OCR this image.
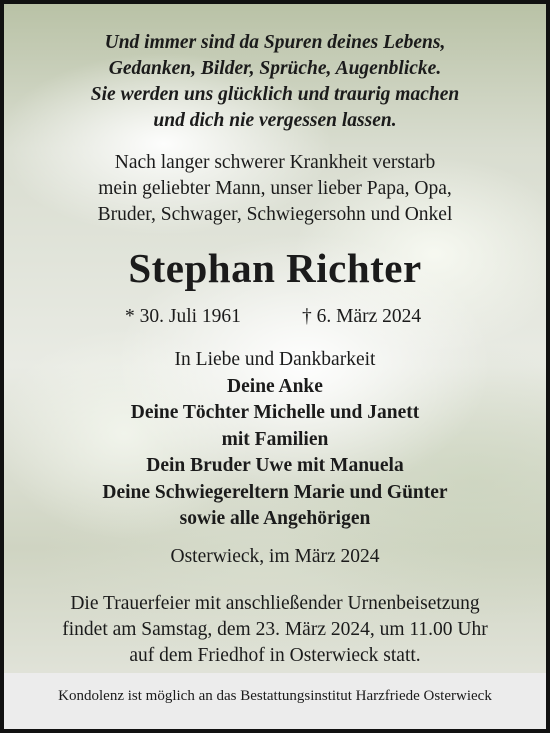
Und immer sind da Spuren deines Lebens,
Gedanken, Bilder, Sprüche, Augenblicke.
Sie werden uns glücklich und traurig machen
und dich nie vergessen lassen.
Nach langer schwerer Krankheit verstarb
mein geliebter Mann, unser lieber Papa, Opa,
Bruder, Schwager, Schwiegersohn und Onkel
Stephan Richter
* 30. Juli 1961	† 6. März 2024
In Liebe und Dankbarkeit
Deine Anke
Deine Töchter Michelle und Janett
mit Familien
Dein Bruder Uwe mit Manuela
Deine Schwiegereltern Marie und Günter
sowie alle Angehörigen
Osterwieck, im März 2024
Die Trauerfeier mit anschließender Urnenbeisetzung
findet am Samstag, dem 23. März 2024, um 11.00 Uhr
auf dem Friedhof in Osterwieck statt.
Kondolenz ist möglich an das Bestattungsinstitut Harzfriede Osterwieck
